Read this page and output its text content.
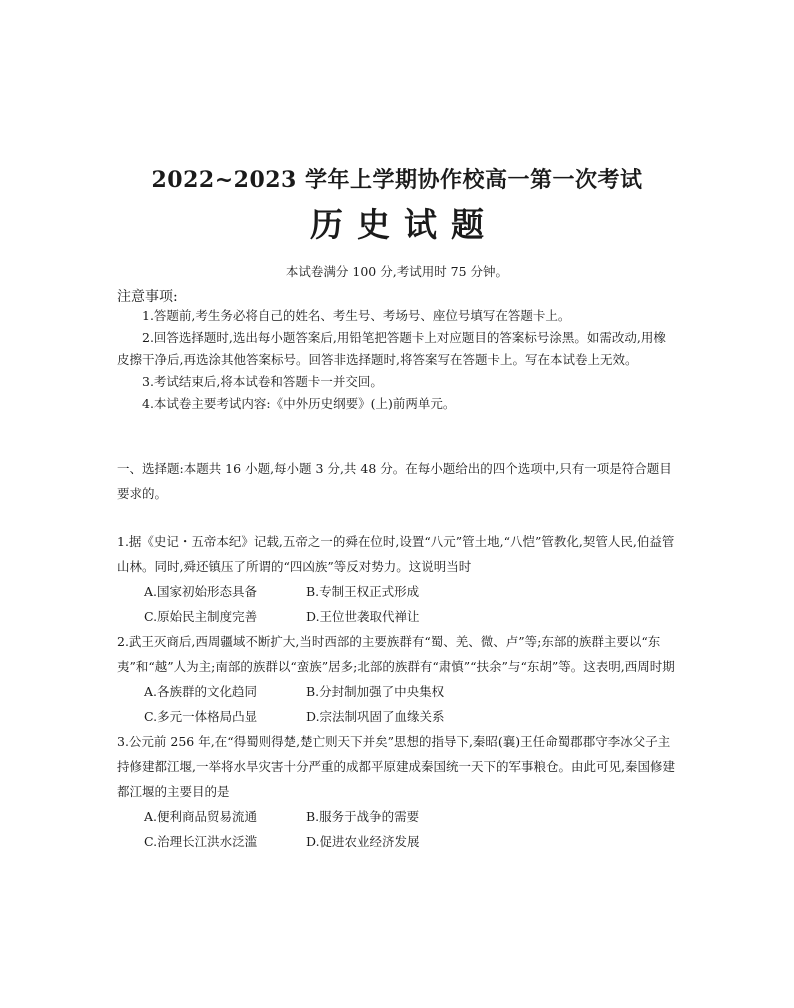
2022~2023 学年上学期协作校高一第一次考试
历史试题
本试卷满分 100 分,考试用时 75 分钟。
注意事项:

1.答题前,考生务必将自己的姓名、考生号、考场号、座位号填写在答题卡上。

2.回答选择题时,选出每小题答案后,用铅笔把答题卡上对应题目的答案标号涂黑。如需改动,用橡皮擦干净后,再选涂其他答案标号。回答非选择题时,将答案写在答题卡上。写在本试卷上无效。

3.考试结束后,将本试卷和答题卡一并交回。

4.本试卷主要考试内容:《中外历史纲要》(上)前两单元。

一、选择题:本题共 16 小题,每小题 3 分,共 48 分。在每小题给出的四个选项中,只有一项是符合题目要求的。

1.据《史记・五帝本纪》记载,五帝之一的舜在位时,设置“八元”管土地,“八恺”管教化,契管人民,伯益管山林。同时,舜还镇压了所谓的“四凶族”等反对势力。这说明当时

A.国家初始形态具备	B.专制王权正式形成
C.原始民主制度完善	D.王位世袭取代禅让

2.武王灭商后,西周疆域不断扩大,当时西部的主要族群有“蜀、羌、微、卢”等;东部的族群主要以“东夷”和“越”人为主;南部的族群以“蛮族”居多;北部的族群有“肃慎”“扶余”与“东胡”等。这表明,西周时期

A.各族群的文化趋同	B.分封制加强了中央集权
C.多元一体格局凸显	D.宗法制巩固了血缘关系

3.公元前 256 年,在“得蜀则得楚,楚亡则天下并矣”思想的指导下,秦昭(襄)王任命蜀郡郡守李冰父子主持修建都江堰,一举将水旱灾害十分严重的成都平原建成秦国统一天下的军事粮仓。由此可见,秦国修建都江堰的主要目的是

A.便利商品贸易流通	B.服务于战争的需要
C.治理长江洪水泛滥	D.促进农业经济发展
